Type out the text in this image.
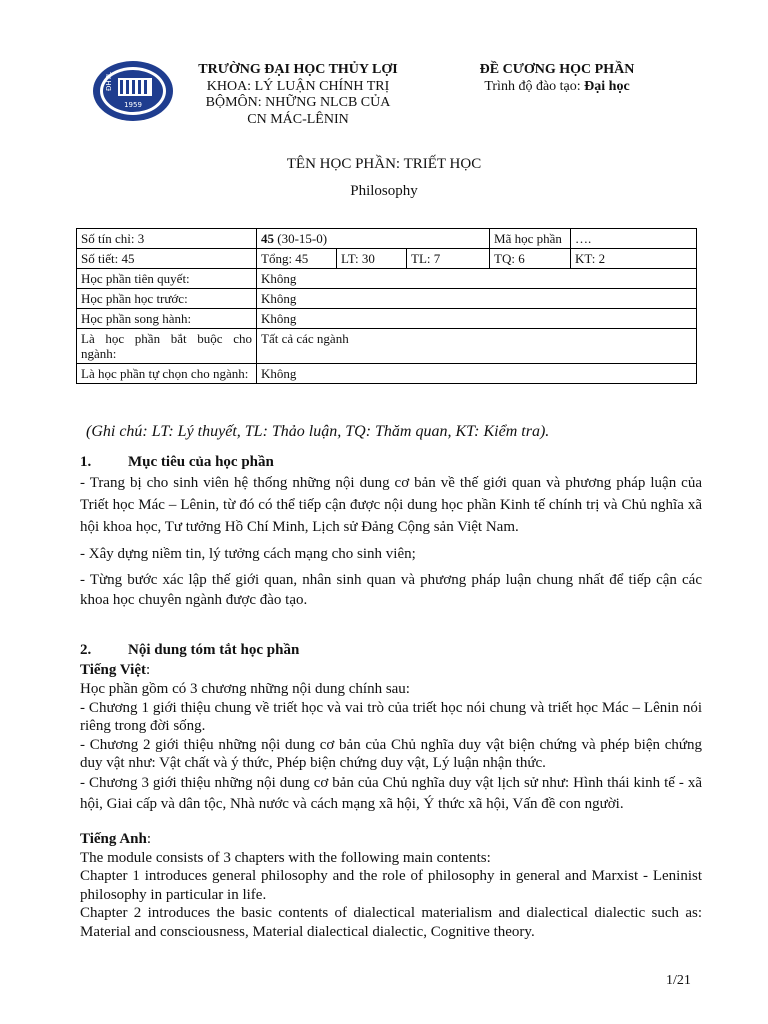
ĐHTL
1959
TRƯỜNG ĐẠI HỌC THỦY LỢI
KHOA: LÝ LUẬN CHÍNH TRỊ
BỘMÔN: NHỮNG NLCB CỦA
CN MÁC-LÊNIN
ĐỀ CƯƠNG HỌC PHẦN
Trình độ đào tạo: Đại học
TÊN HỌC PHẦN: TRIẾT HỌC
Philosophy
Số tín chỉ: 3	45 (30-15-0)			Mã học phần	….
Số tiết: 45	Tổng: 45	LT: 30	TL: 7	TQ: 6	KT: 2
Học phần tiên quyết:	Không				
Học phần học trước:	Không				
Học phần song hành:	Không				
Là học phần bắt buộc cho ngành:	Tất cả các ngành				
Là học phần tự chọn cho ngành:	Không				
(Ghi chú: LT: Lý thuyết, TL: Thảo luận, TQ: Thăm quan, KT: Kiểm tra).

1. Mục tiêu của học phần

- Trang bị cho sinh viên hệ thống những nội dung cơ bản về thế giới quan và phương pháp luận của Triết học Mác – Lênin, từ đó có thể tiếp cận được nội dung học phần Kinh tế chính trị và Chủ nghĩa xã hội khoa học, Tư tưởng Hồ Chí Minh, Lịch sử Đảng Cộng sản Việt Nam.

- Xây dựng niềm tin, lý tưởng cách mạng cho sinh viên;

- Từng bước xác lập thế giới quan, nhân sinh quan và phương pháp luận chung nhất để tiếp cận các khoa học chuyên ngành được đào tạo.

2. Nội dung tóm tắt học phần

Tiếng Việt:

Học phần gồm có 3 chương những nội dung chính sau:

- Chương 1 giới thiệu chung về triết học và vai trò của triết học nói chung và triết học Mác – Lênin nói riêng trong đời sống.

- Chương 2 giới thiệu những nội dung cơ bản của Chủ nghĩa duy vật biện chứng và phép biện chứng duy vật như: Vật chất và ý thức, Phép biện chứng duy vật, Lý luận nhận thức.

- Chương 3 giới thiệu những nội dung cơ bản của Chủ nghĩa duy vật lịch sử như: Hình thái kinh tế - xã hội, Giai cấp và dân tộc, Nhà nước và cách mạng xã hội, Ý thức xã hội, Vấn đề con người.

Tiếng Anh:

The module consists of 3 chapters with the following main contents:

Chapter 1 introduces general philosophy and the role of philosophy in general and Marxist - Leninist philosophy in particular in life.

Chapter 2 introduces the basic contents of dialectical materialism and dialectical dialectic such as: Material and consciousness, Material dialectical dialectic, Cognitive theory.

1/21
